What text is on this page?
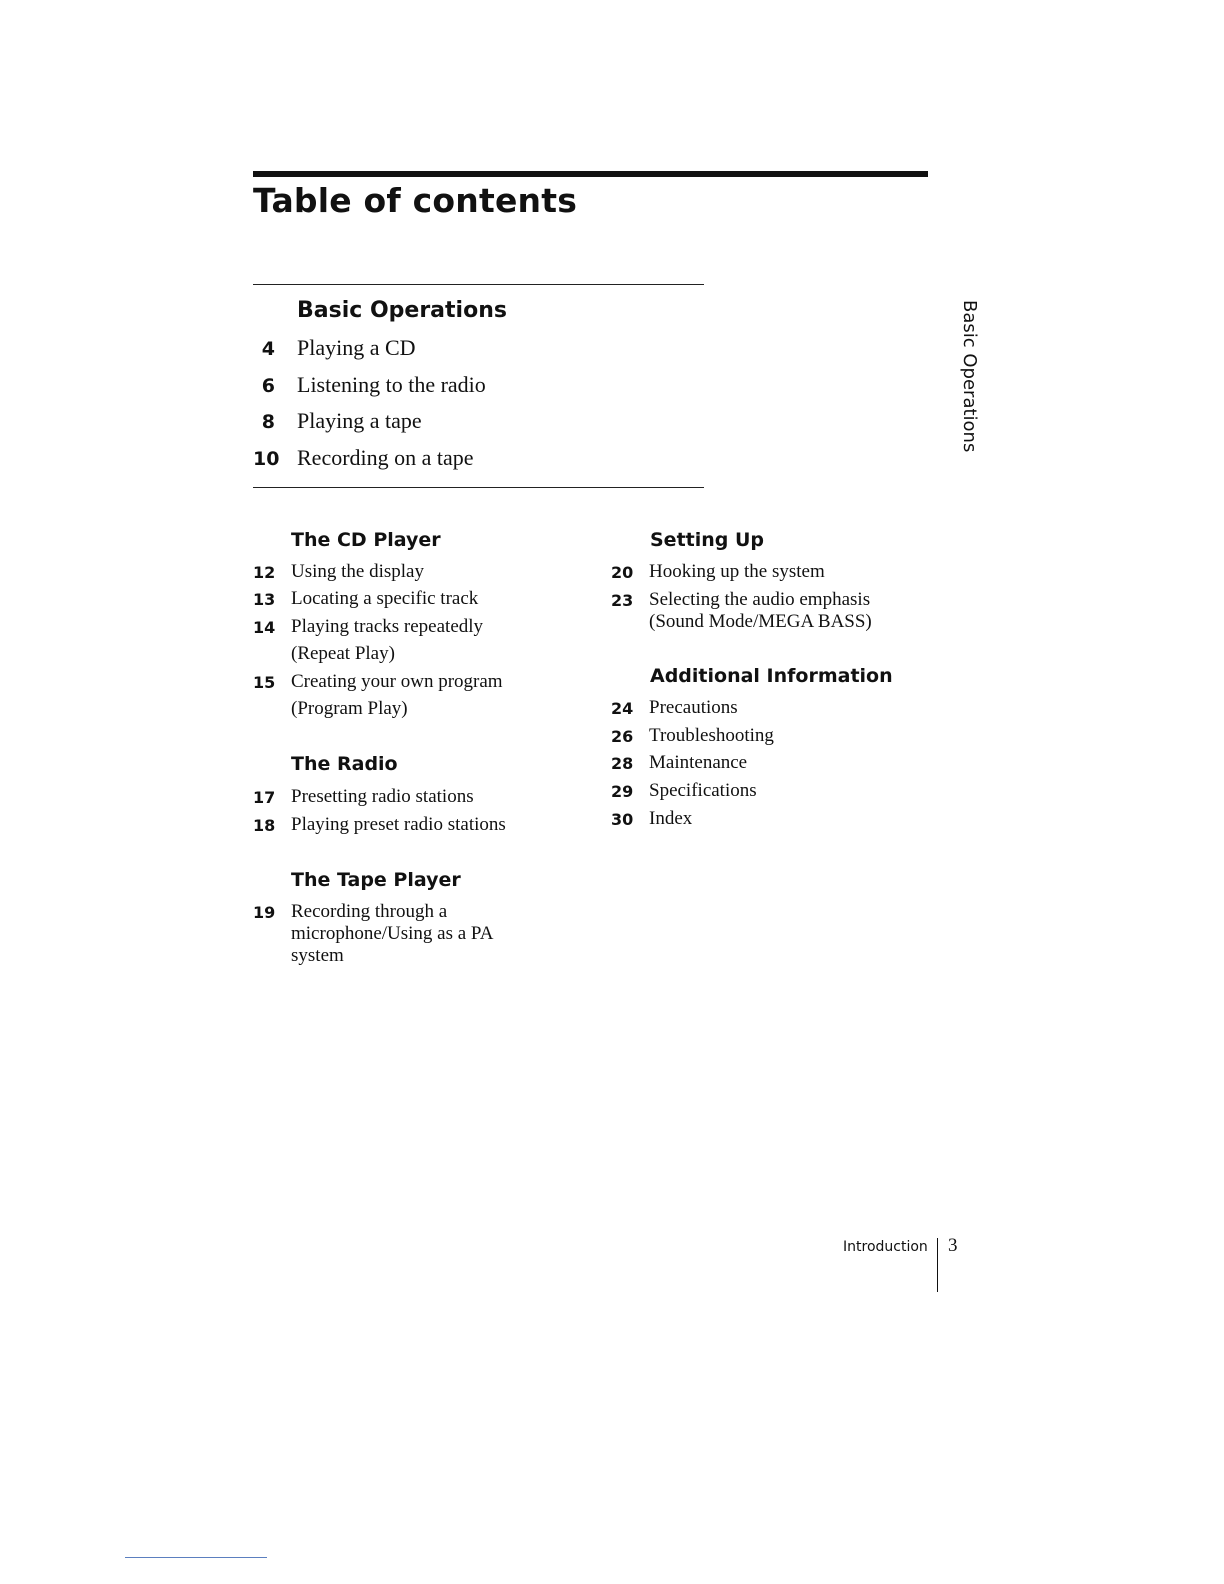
Table of contents
Basic Operations
4 Playing a CD
6 Listening to the radio
8 Playing a tape
10 Recording on a tape
The CD Player
12 Using the display
13 Locating a specific track
14 Playing tracks repeatedly
(Repeat Play)
15 Creating your own program
(Program Play)
The Radio
17 Presetting radio stations
18 Playing preset radio stations
The Tape Player
19 Recording through a
microphone/Using as a PA
system
Setting Up
20 Hooking up the system
23 Selecting the audio emphasis
(Sound Mode/MEGA BASS)
Additional Information
24 Precautions
26 Troubleshooting
28 Maintenance
29 Specifications
30 Index
Basic Operations
Introduction 3
